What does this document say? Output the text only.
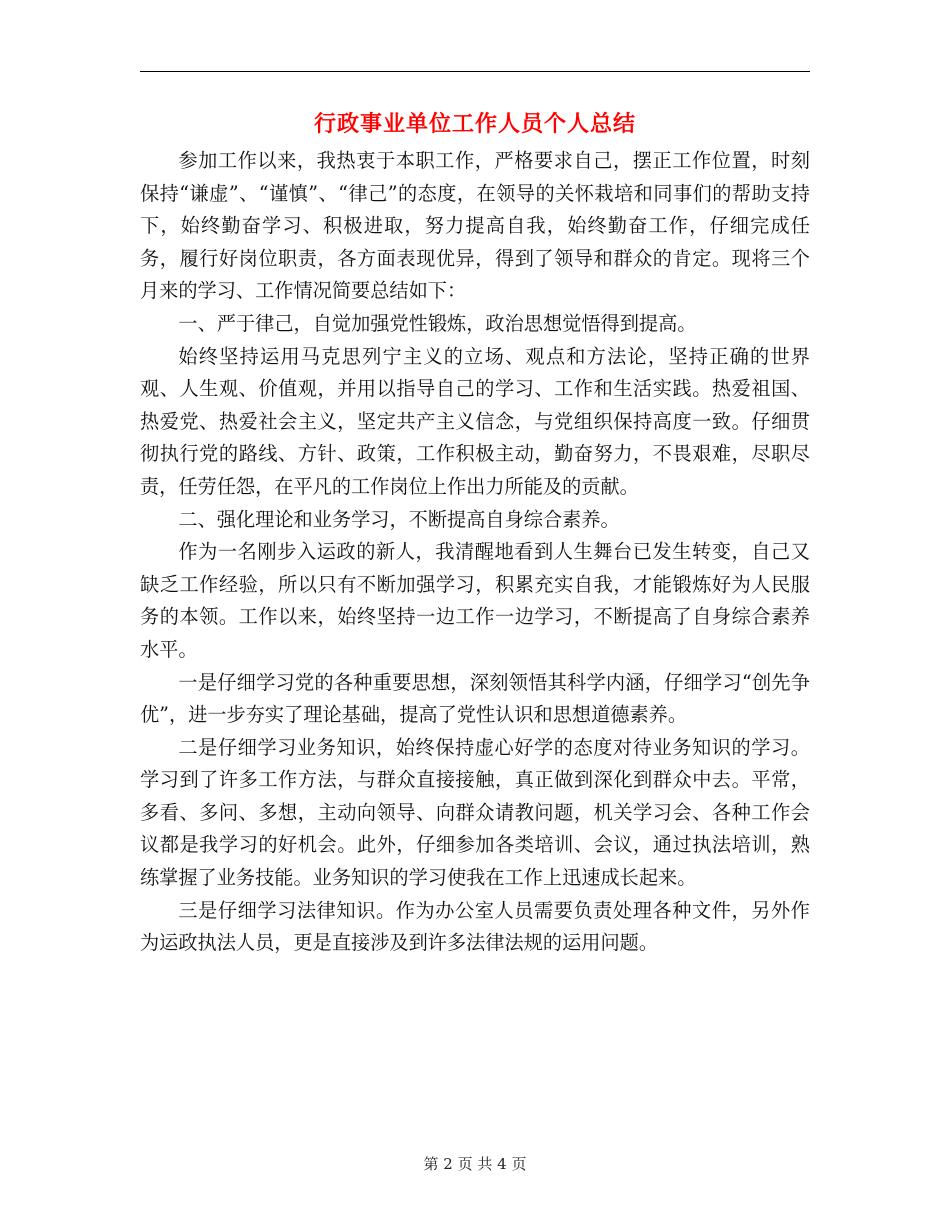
行政事业单位工作人员个人总结

参加工作以来，我热衷于本职工作，严格要求自己，摆正工作位置，时刻保持“谦虚”、“谨慎”、“律己”的态度，在领导的关怀栽培和同事们的帮助支持下，始终勤奋学习、积极进取，努力提高自我，始终勤奋工作，仔细完成任务，履行好岗位职责，各方面表现优异，得到了领导和群众的肯定。现将三个月来的学习、工作情况简要总结如下：

一、严于律己，自觉加强党性锻炼，政治思想觉悟得到提高。

始终坚持运用马克思列宁主义的立场、观点和方法论，坚持正确的世界观、人生观、价值观，并用以指导自己的学习、工作和生活实践。热爱祖国、热爱党、热爱社会主义，坚定共产主义信念，与党组织保持高度一致。仔细贯彻执行党的路线、方针、政策，工作积极主动，勤奋努力，不畏艰难，尽职尽责，任劳任怨，在平凡的工作岗位上作出力所能及的贡献。

二、强化理论和业务学习，不断提高自身综合素养。

作为一名刚步入运政的新人，我清醒地看到人生舞台已发生转变，自己又缺乏工作经验，所以只有不断加强学习，积累充实自我，才能锻炼好为人民服务的本领。工作以来，始终坚持一边工作一边学习，不断提高了自身综合素养水平。

一是仔细学习党的各种重要思想，深刻领悟其科学内涵，仔细学习“创先争优”，进一步夯实了理论基础，提高了党性认识和思想道德素养。

二是仔细学习业务知识，始终保持虚心好学的态度对待业务知识的学习。学习到了许多工作方法，与群众直接接触，真正做到深化到群众中去。平常，多看、多问、多想，主动向领导、向群众请教问题，机关学习会、各种工作会议都是我学习的好机会。此外，仔细参加各类培训、会议，通过执法培训，熟练掌握了业务技能。业务知识的学习使我在工作上迅速成长起来。

三是仔细学习法律知识。作为办公室人员需要负责处理各种文件，另外作为运政执法人员，更是直接涉及到许多法律法规的运用问题。

第 2 页 共 4 页
